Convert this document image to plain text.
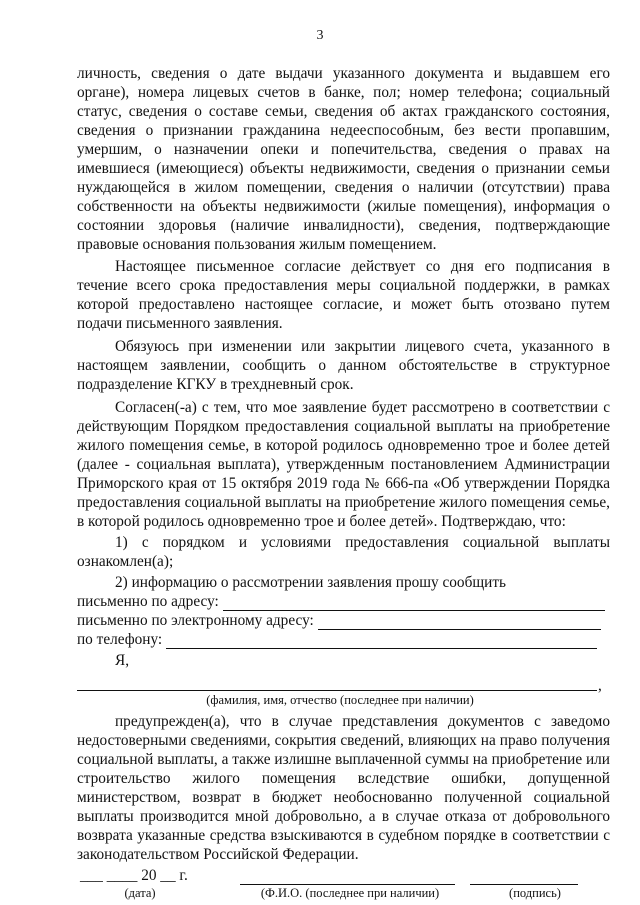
3

личность, сведения о дате выдачи указанного документа и выдавшем его

органе), номера лицевых счетов в банке, пол; номер телефона; социальный

статус, сведения о составе семьи, сведения об актах гражданского состояния,

сведения о признании гражданина недееспособным, без вести пропавшим,

умершим, о назначении опеки и попечительства, сведения о правах на

имевшиеся (имеющиеся) объекты недвижимости, сведения о признании семьи

нуждающейся в жилом помещении, сведения о наличии (отсутствии) права

собственности на объекты недвижимости (жилые помещения), информация о

состоянии здоровья (наличие инвалидности), сведения, подтверждающие

правовые основания пользования жилым помещением.

Настоящее письменное согласие действует со дня его подписания в

течение всего срока предоставления меры социальной поддержки, в рамках

которой предоставлено настоящее согласие, и может быть отозвано путем

подачи письменного заявления.

Обязуюсь при изменении или закрытии лицевого счета, указанного в

настоящем заявлении, сообщить о данном обстоятельстве в структурное

подразделение КГКУ в трехдневный срок.

Согласен(-а) с тем, что мое заявление будет рассмотрено в соответствии с

действующим Порядком предоставления социальной выплаты на приобретение

жилого помещения семье, в которой родилось одновременно трое и более детей

(далее - социальная выплата), утвержденным постановлением Администрации

Приморского края от 15 октября 2019 года № 666-па «Об утверждении Порядка

предоставления социальной выплаты на приобретение жилого помещения семье,

в которой родилось одновременно трое и более детей». Подтверждаю, что:

1) с порядком и условиями предоставления социальной выплаты

ознакомлен(а);

2) информацию о рассмотрении заявления прошу сообщить

письменно по адресу:
письменно по электронному адресу:
по телефону:

Я,

,
(фамилия, имя, отчество (последнее при наличии)

предупрежден(а), что в случае представления документов с заведомо

недостоверными сведениями, сокрытия сведений, влияющих на право получения

социальной выплаты, а также излишне выплаченной суммы на приобретение или

строительство жилого помещения вследствие ошибки, допущенной

министерством, возврат в бюджет необоснованно полученной социальной

выплаты производится мной добровольно, а в случае отказа от добровольного

возврата указанные средства взыскиваются в судебном порядке в соответствии с

законодательством Российской Федерации.

___ ____ 20 __ г.
(дата)	(Ф.И.О. (последнее при наличии)	(подпись)
